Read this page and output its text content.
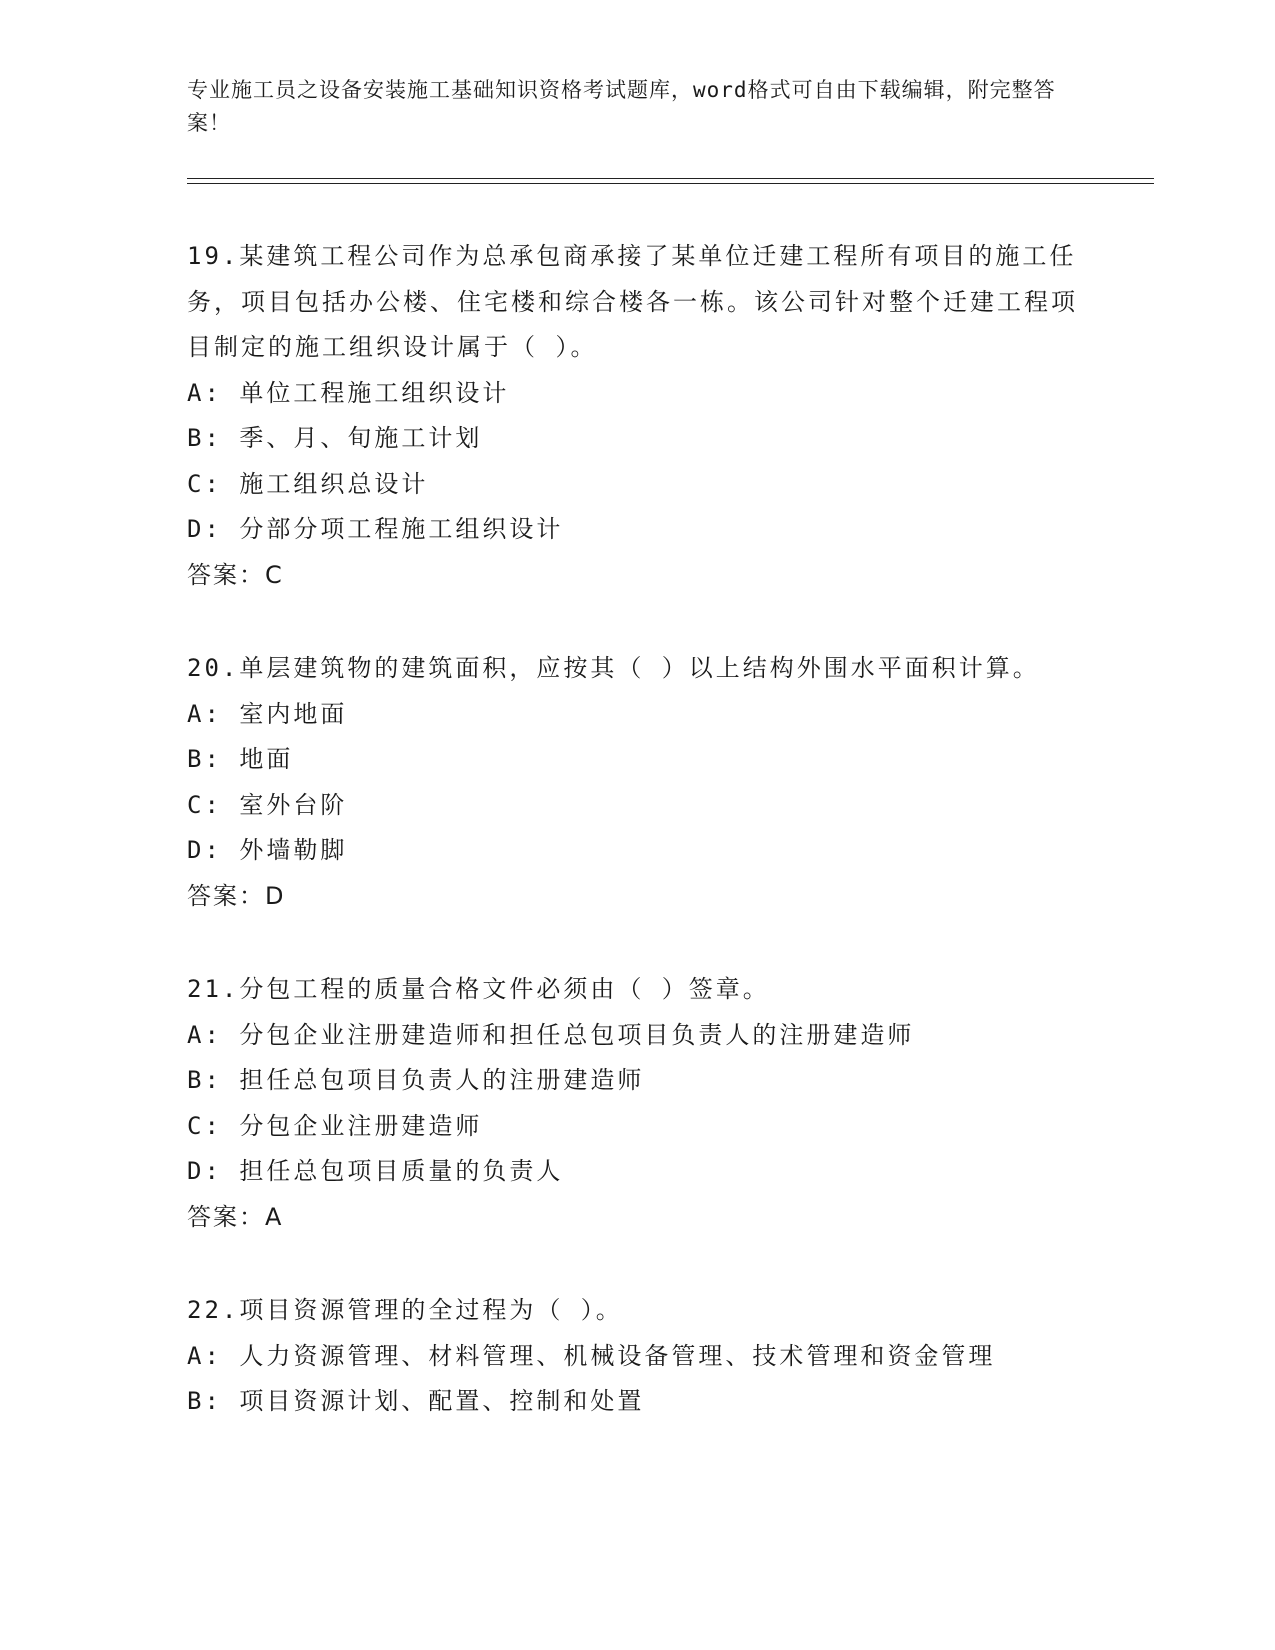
专业施工员之设备安装施工基础知识资格考试题库，word格式可自由下载编辑，附完整答案！

19.某建筑工程公司作为总承包商承接了某单位迁建工程所有项目的施工任务，项目包括办公楼、住宅楼和综合楼各一栋。该公司针对整个迁建工程项目制定的施工组织设计属于（ ）。

A: 单位工程施工组织设计

B: 季、月、旬施工计划

C: 施工组织总设计

D: 分部分项工程施工组织设计

答案：C

20.单层建筑物的建筑面积，应按其（ ）以上结构外围水平面积计算。

A: 室内地面

B: 地面

C: 室外台阶

D: 外墙勒脚

答案：D

21.分包工程的质量合格文件必须由（ ）签章。

A: 分包企业注册建造师和担任总包项目负责人的注册建造师

B: 担任总包项目负责人的注册建造师

C: 分包企业注册建造师

D: 担任总包项目质量的负责人

答案：A

22.项目资源管理的全过程为（ ）。

A: 人力资源管理、材料管理、机械设备管理、技术管理和资金管理

B: 项目资源计划、配置、控制和处置
